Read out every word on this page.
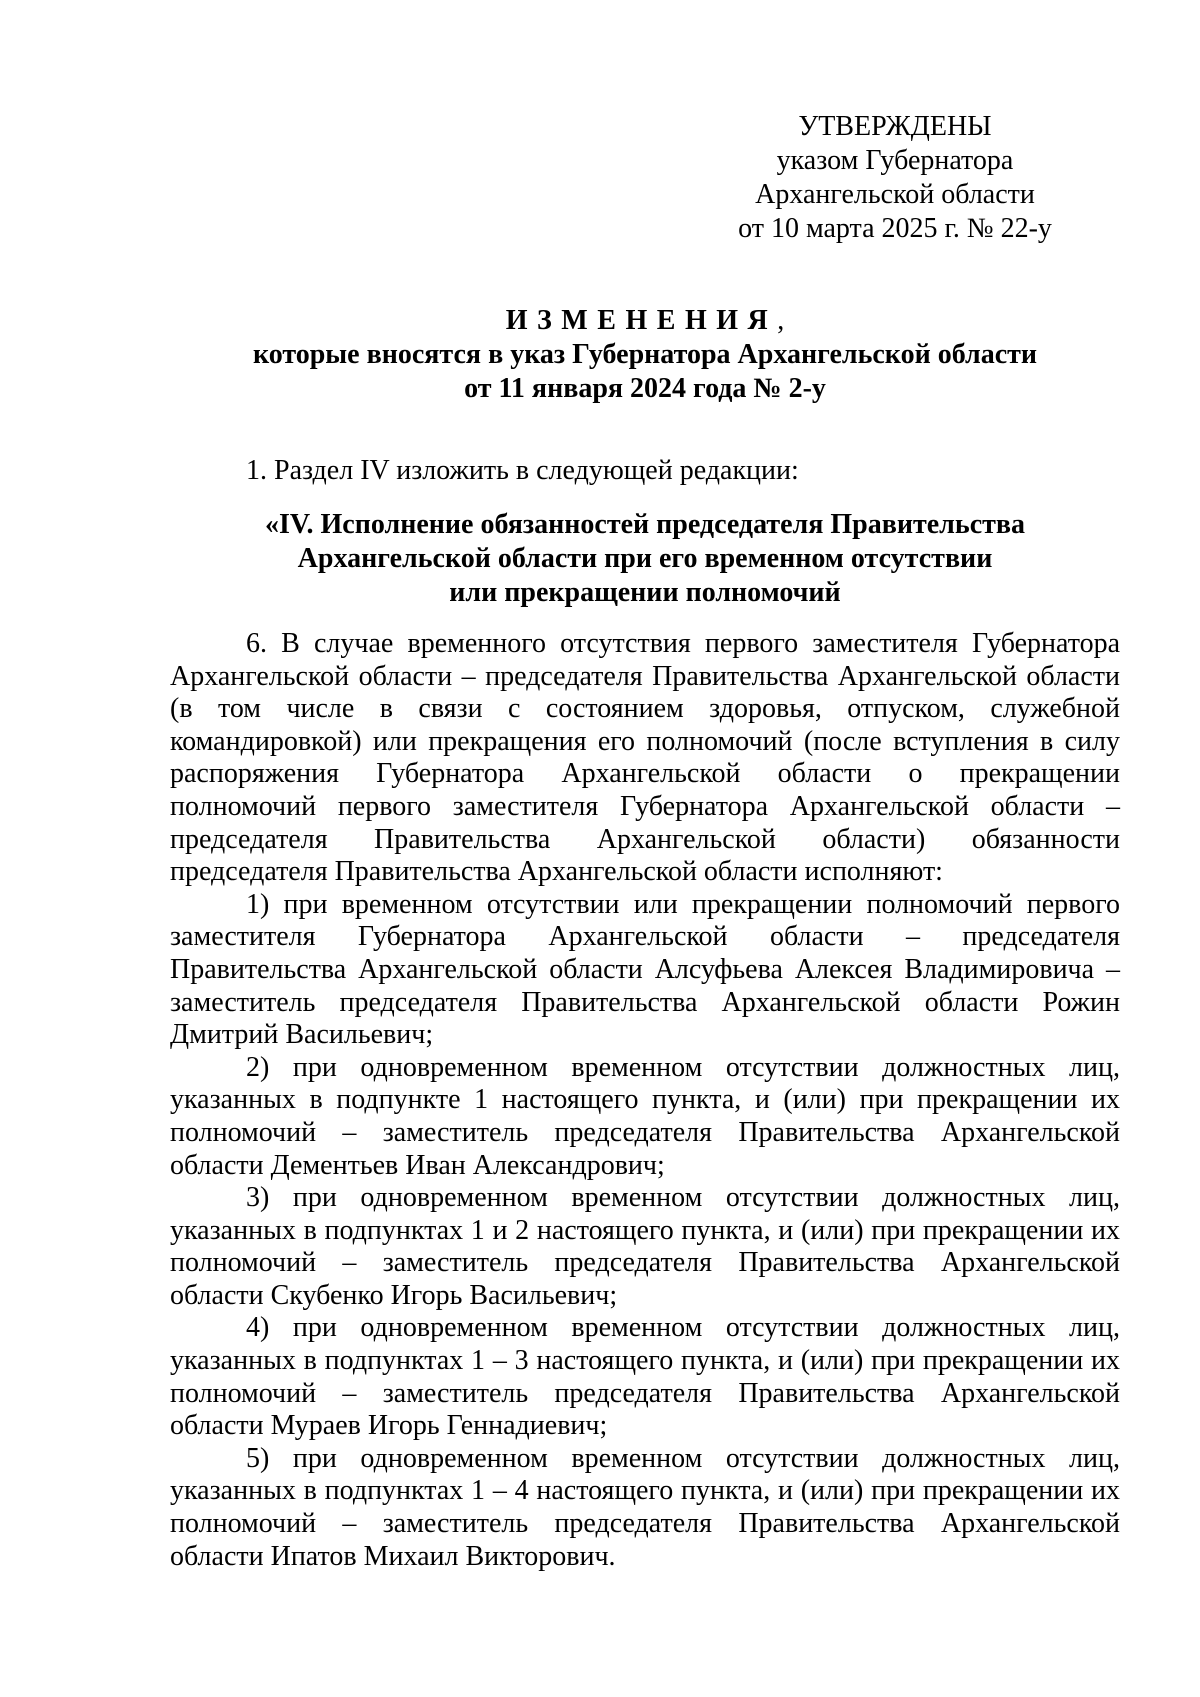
УТВЕРЖДЕНЫ
указом Губернатора
Архангельской области
от 10 марта 2025 г. № 22-у
ИЗМЕНЕНИЯ,
которые вносятся в указ Губернатора Архангельской области
от 11 января 2024 года № 2-у
1. Раздел IV изложить в следующей редакции:
«IV. Исполнение обязанностей председателя Правительства
Архангельской области при его временном отсутствии
или прекращении полномочий

6. В случае временного отсутствия первого заместителя Губернатора Архангельской области – председателя Правительства Архангельской области (в том числе в связи с состоянием здоровья, отпуском, служебной командировкой) или прекращения его полномочий (после вступления в силу распоряжения Губернатора Архангельской области о прекращении полномочий первого заместителя Губернатора Архангельской области – председателя Правительства Архангельской области) обязанности председателя Правительства Архангельской области исполняют:

1) при временном отсутствии или прекращении полномочий первого заместителя Губернатора Архангельской области – председателя Правительства Архангельской области Алсуфьева Алексея Владимировича – заместитель председателя Правительства Архангельской области Рожин Дмитрий Васильевич;

2) при одновременном временном отсутствии должностных лиц, указанных в подпункте 1 настоящего пункта, и (или) при прекращении их полномочий – заместитель председателя Правительства Архангельской области Дементьев Иван Александрович;

3) при одновременном временном отсутствии должностных лиц, указанных в подпунктах 1 и 2 настоящего пункта, и (или) при прекращении их полномочий – заместитель председателя Правительства Архангельской области Скубенко Игорь Васильевич;

4) при одновременном временном отсутствии должностных лиц, указанных в подпунктах 1 – 3 настоящего пункта, и (или) при прекращении их полномочий – заместитель председателя Правительства Архангельской области Мураев Игорь Геннадиевич;

5) при одновременном временном отсутствии должностных лиц, указанных в подпунктах 1 – 4 настоящего пункта, и (или) при прекращении их полномочий – заместитель председателя Правительства Архангельской области Ипатов Михаил Викторович.
